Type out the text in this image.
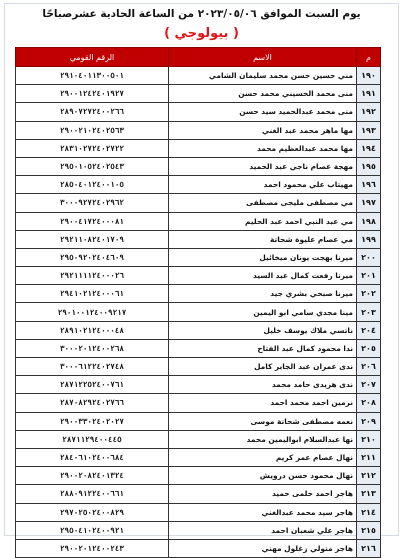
يوم السبت الموافق ٢٠٢٣/٠٥/٠٦ من الساعة الحادية عشرصباحًا
( بيولوجي )
م	الاسم	الرقم القومي
١٩٠	مني حسين حسن محمد سليمان الشامي	٢٩١٠٤٠١١٣٠٠٥٠١
١٩١	منى محمد الحسيني محمد حسن	٢٩٠٠١٢٤٢٤٠١٩٢٧
١٩٢	منى محمد عبدالحميد سيد حسن	٢٨٩٠٧٢٧٢٤٠٠٢٦٦
١٩٣	مها ماهر محمد عبد الغني	٢٩٠٠٢١٠٢٤٠٢٥٦٣
١٩٤	مها محمد عبدالعظيم محمد	٢٨٣١٠٢٧٢٤٠٢٧٢٢
١٩٥	مهجة عصام ناجي عبد الحميد	٢٩٥٠١٠٥٢٤٠٢٥٤٣
١٩٦	مهيتاب علي محمود احمد	٢٨٥٠٤٠١٢٤٠٠١٠٥
١٩٧	مي مصطفى مليجى مصطفى	٣٠٠٠٩٢٧٢٤٠٢٩٦٢
١٩٨	مي عبد النبي احمد عبد الحليم	٢٩٠٠٤١٧٢٤٠٠٠٨١
١٩٩	مي عصام عليوة شحاتة	٢٩٢١١٠٨٢٤٠١٧٠٩
٢٠٠	ميرنا بهجت يونان ميخائيل	٢٩٥٠٩٢٠٢٤٠٤٦٠٩
٢٠١	ميرنا رفعت كمال عبد السيد	٢٩٢١١١١٢٤٠٠٠٢٦
٢٠٢	ميرنا صبحي بشري جيد	٢٩٤١٠٢١٢٤٠٠٠٦١
٢٠٣	مينا مجدي سامي ابو اليمين	٢٩٠١٠٠١٢٤٠٠٩٢١٧
٢٠٤	ناتسي ملاك يوسف خليل	٢٨٩١٠٢١٢٤٠٠٠٤٨
٢٠٥	ندا محمود كمال عبد الفتاح	٣٠٠٠٢٠١٢٤٠٠٢٦٨
٢٠٦	ندى عمران عبد الجابر كامل	٣٠٠٠٦١٢٢٤٠٢٧٤٨
٢٠٧	ندى هريدى حامد محمد	٢٨٧١٢٢٥٢٤٠٠٧٦١
٢٠٨	نرمين احمد محمد احمد	٢٨٧٠٨٢٩٢٤٠٢٧٦٦
٢٠٩	نعمه مصطفى شحاتة موسى	٢٩٠٠٣٣٠٢٤٠٢٠٢٧
٢١٠	نها عبدالسلام ابواليمين محمد	٢٨٧١١٢٩٤٠٠٤٤٥
٢١١	نهال عصام عمر كريم	٢٨٤٠٦١٠٢٤٠٠٦٨٤
٢١٢	نهال محمود حسن درويش	٢٩٠٠٢٠٨٢٤٠١٣٢٤
٢١٣	هاجر احمد حلمى حميد	٢٨٨٠٩١٢٢٤٠٠٦٦١
٢١٤	هاجر سيد محمد عبدالغني	٢٩٧٠٢٥٠٢٤٠٠٨٢٩
٢١٥	هاجر علي شعبان احمد	٢٩٥٠٤١٠٢٤٠٠٩٢١
٢١٦	هاجر متولي زغلول مهني	٢٩٠٠٢٠١٢٤٠٠٢٤٣
